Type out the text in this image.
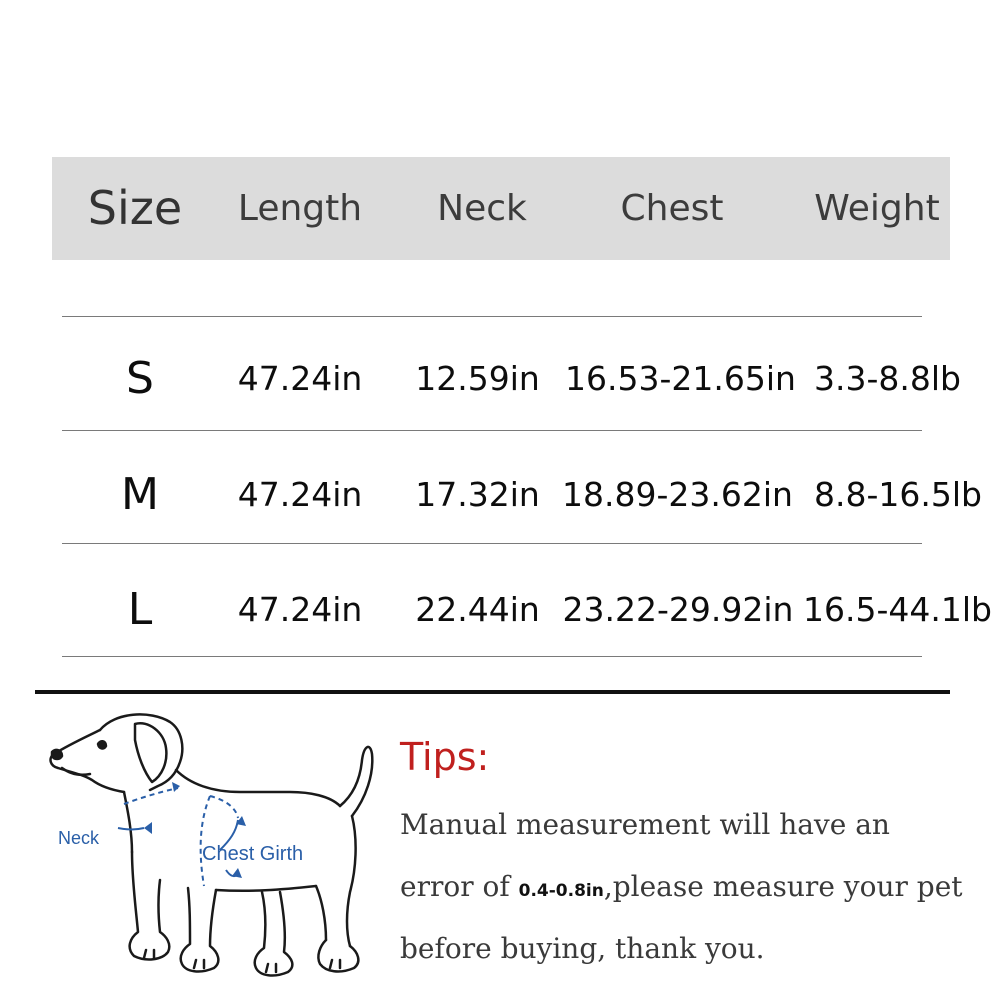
Size Length	Neck	Chest	Weight
S	47.24in	12.59in 16.53-21.65in 3.3-8.8lb
M	47.24in	17.32in 18.89-23.62in 8.8-16.5lb
L	47.24in	22.44in 23.22-29.92in 16.5-44.1lb
Neck
Chest Girth
Tips:
Manual measurement will have an
error of 0.4-0.8in,please measure your pet
before buying, thank you.
